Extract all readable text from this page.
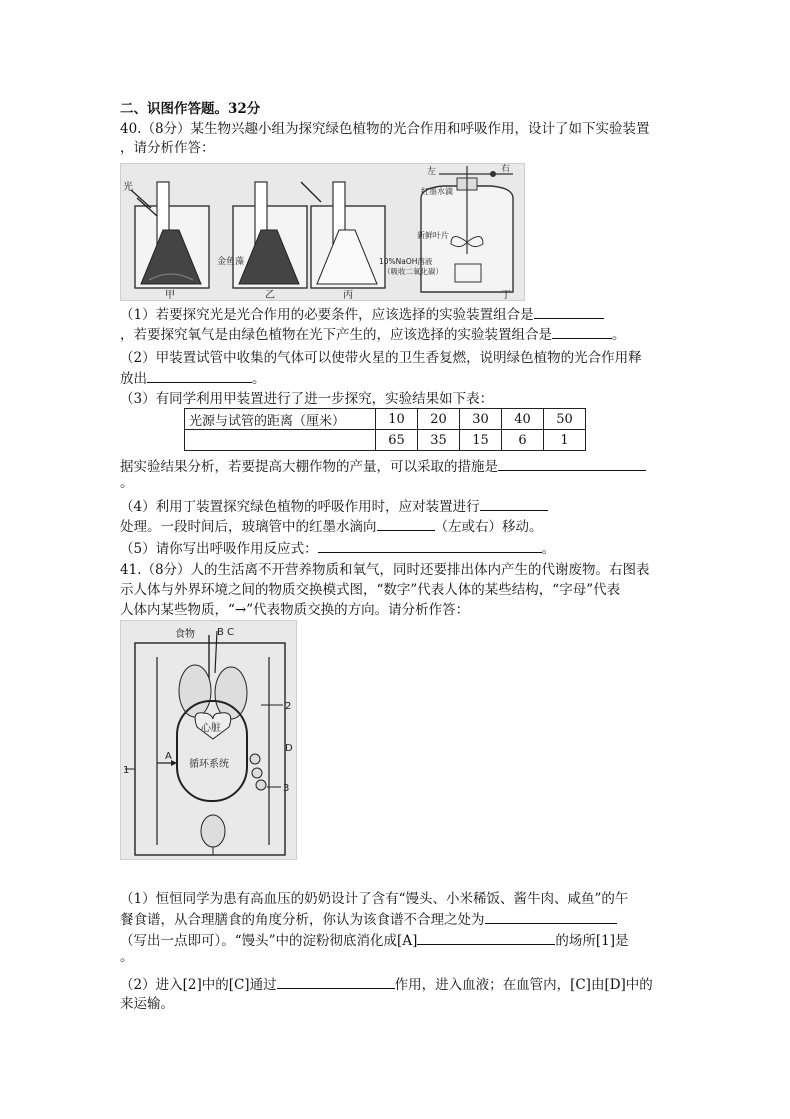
二、识图作答题。32分
40.（8分）某生物兴趣小组为探究绿色植物的光合作用和呼吸作用，设计了如下实验装置
，请分析作答：
光
金鱼藻
甲	乙	丙
左	右
红墨水滴
新鲜叶片
10%NaOH溶液
（吸收二氧化碳）
丁
（1）若要探究光是光合作用的必要条件，应该选择的实验装置组合是
，若要探究氧气是由绿色植物在光下产生的，应该选择的实验装置组合是	。
（2）甲装置试管中收集的气体可以使带火星的卫生香复燃，说明绿色植物的光合作用释
放出	。
（3）有同学利用甲装置进行了进一步探究，实验结果如下表：
光源与试管的距离（厘米）	10	20	30	40	50
	65	35	15	6	1
据实验结果分析，若要提高大棚作物的产量，可以采取的措施是
。
（4）利用丁装置探究绿色植物的呼吸作用时，应对装置进行
处理。一段时间后，玻璃管中的红墨水滴向	（左或右）移动。
（5）请你写出呼吸作用反应式：	。
41.（8分）人的生活离不开营养物质和氧气，同时还要排出体内产生的代谢废物。右图表
示人体与外界环境之间的物质交换模式图，“数字”代表人体的某些结构，“字母”代表
人体内某些物质，“→”代表物质交换的方向。请分析作答：
食物 B C
心脏
循环系统
A
D
1
2
3
（1）恒恒同学为患有高血压的奶奶设计了含有“馒头、小米稀饭、酱牛肉、咸鱼”的午
餐食谱，从合理膳食的角度分析，你认为该食谱不合理之处为
（写出一点即可）。“馒头”中的淀粉彻底消化成[A]	的场所[1]是
。
（2）进入[2]中的[C]通过	作用，进入血液；在血管内，[C]由[D]中的
来运输。
